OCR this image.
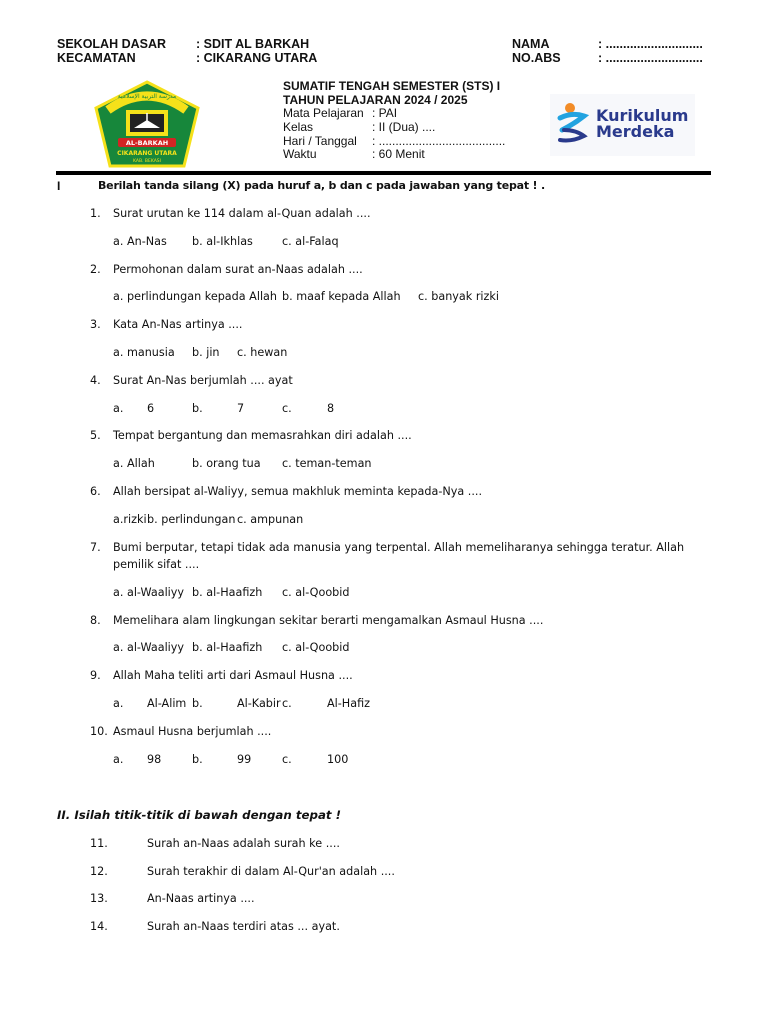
SEKOLAH DASAR : SDIT AL BARKAH
KECAMATAN	: CIKARANG UTARA
NAMA	: ............................
NO.ABS	: ............................
SUMATIF TENGAH SEMESTER (STS) I
TAHUN PELAJARAN 2024 / 2025
Mata Pelajaran : PAI
Kelas	: II (Dua) ....
Hari / Tanggal : ......................................
Waktu	: 60 Menit
مدرسة التربية الإسلامية
AL-BARKAH
CIKARANG UTARA
KAB. BEKASI
Kurikulum
Merdeka
I	Berilah tanda silang (X) pada huruf a, b dan c pada jawaban yang tepat ! .
1. Surat urutan ke 114 dalam al-Quan adalah ....
a. An-Nas b. al-Ikhlas	c. al-Falaq
2. Permohonan dalam surat an-Naas adalah ....
a. perlindungan kepada Allah b. maaf kepada Allah c. banyak rizki
3. Kata An-Nas artinya ....
a. manusia b. jin c. hewan
4. Surat An-Nas berjumlah .... ayat
a. 6	b.	7	c.	8
5. Tempat bergantung dan memasrahkan diri adalah ....
a. Allah	b. orang tua c. teman-teman
6. Allah bersipat al-Waliyy, semua makhluk meminta kepada-Nya ....
a.rizki b. perlindungan c. ampunan
7. Bumi berputar, tetapi tidak ada manusia yang terpental. Allah memeliharanya sehingga teratur. Allah
pemilik sifat ....
a. al-Waaliyy b. al-Haafizh c. al-Qoobid
8. Memelihara alam lingkungan sekitar berarti mengamalkan Asmaul Husna ....
a. al-Waaliyy b. al-Haafizh c. al-Qoobid
9. Allah Maha teliti arti dari Asmaul Husna ....
a. Al-Alim b.	Al-Kabir c.	Al-Hafiz
10. Asmaul Husna berjumlah ....
a. 98	b.	99	c.	100
II. Isilah titik-titik di bawah dengan tepat !
11.	Surah an-Naas adalah surah ke ....
12.	Surah terakhir di dalam Al-Qur'an adalah ....
13.	An-Naas artinya ....
14.	Surah an-Naas terdiri atas ... ayat.
